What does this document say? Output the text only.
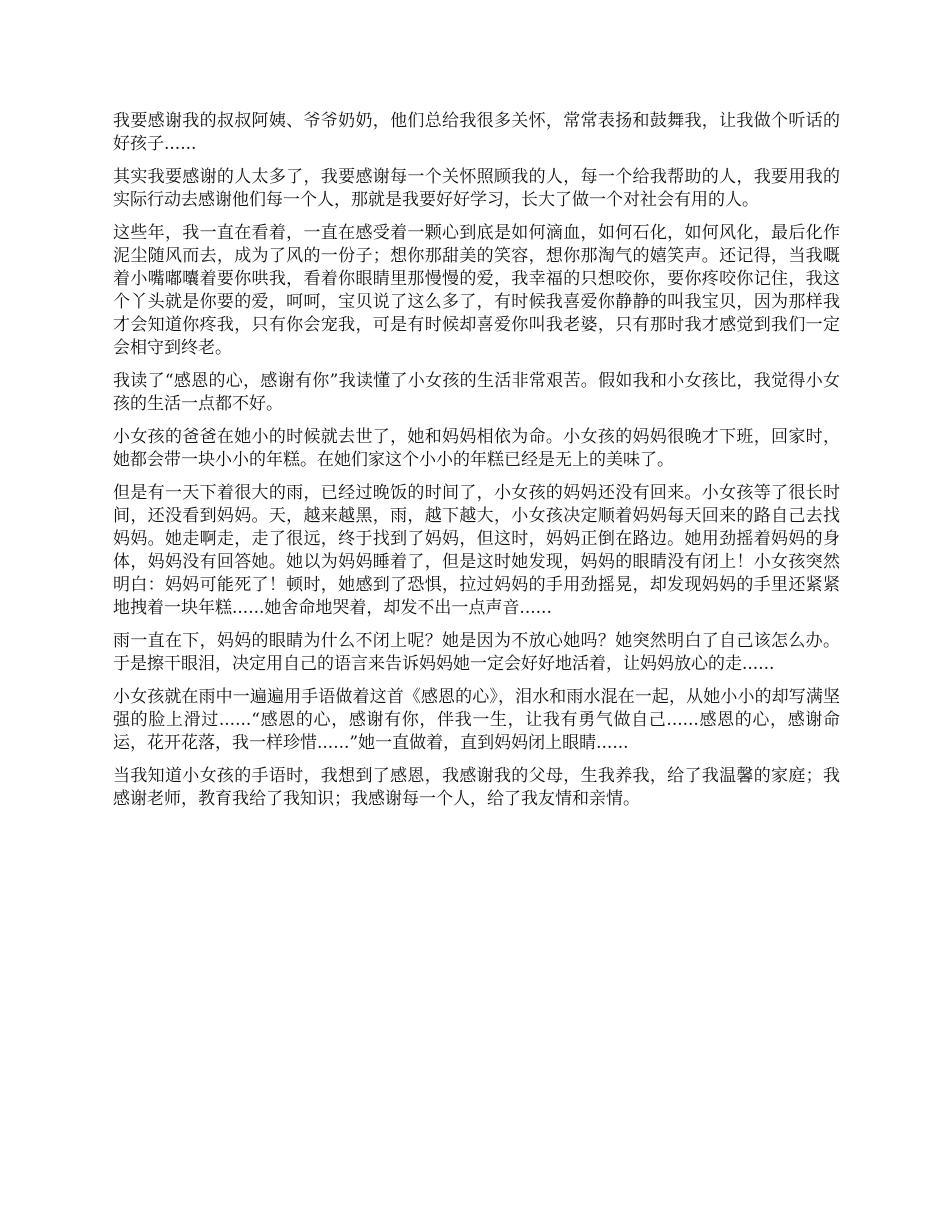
我要感谢我的叔叔阿姨、爷爷奶奶，他们总给我很多关怀，常常表扬和鼓舞我，让我做个听话的好孩子......

其实我要感谢的人太多了，我要感谢每一个关怀照顾我的人，每一个给我帮助的人，我要用我的实际行动去感谢他们每一个人，那就是我要好好学习，长大了做一个对社会有用的人。

这些年，我一直在看着，一直在感受着一颗心到底是如何滴血，如何石化，如何风化，最后化作泥尘随风而去，成为了风的一份子；想你那甜美的笑容，想你那淘气的嬉笑声。还记得，当我嘅着小嘴嘟囔着要你哄我，看着你眼睛里那慢慢的爱，我幸福的只想咬你，要你疼咬你记住，我这个丫头就是你要的爱，呵呵，宝贝说了这么多了，有时候我喜爱你静静的叫我宝贝，因为那样我才会知道你疼我，只有你会宠我，可是有时候却喜爱你叫我老婆，只有那时我才感觉到我们一定会相守到终老。

我读了“感恩的心，感谢有你”我读懂了小女孩的生活非常艰苦。假如我和小女孩比，我觉得小女孩的生活一点都不好。

小女孩的爸爸在她小的时候就去世了，她和妈妈相依为命。小女孩的妈妈很晚才下班，回家时，她都会带一块小小的年糕。在她们家这个小小的年糕已经是无上的美味了。

但是有一天下着很大的雨，已经过晚饭的时间了，小女孩的妈妈还没有回来。小女孩等了很长时间，还没看到妈妈。天，越来越黑，雨，越下越大，小女孩决定顺着妈妈每天回来的路自己去找妈妈。她走啊走，走了很远，终于找到了妈妈，但这时，妈妈正倒在路边。她用劲摇着妈妈的身体，妈妈没有回答她。她以为妈妈睡着了，但是这时她发现，妈妈的眼睛没有闭上！小女孩突然明白：妈妈可能死了！顿时，她感到了恐惧，拉过妈妈的手用劲摇晃，却发现妈妈的手里还紧紧地拽着一块年糕......她舍命地哭着，却发不出一点声音......

雨一直在下，妈妈的眼睛为什么不闭上呢？她是因为不放心她吗？她突然明白了自己该怎么办。于是擦干眼泪，决定用自己的语言来告诉妈妈她一定会好好地活着，让妈妈放心的走......

小女孩就在雨中一遍遍用手语做着这首《感恩的心》，泪水和雨水混在一起，从她小小的却写满坚强的脸上滑过......“感恩的心，感谢有你，伴我一生，让我有勇气做自己......感恩的心，感谢命运，花开花落，我一样珍惜......”她一直做着，直到妈妈闭上眼睛......

当我知道小女孩的手语时，我想到了感恩，我感谢我的父母，生我养我，给了我温馨的家庭；我感谢老师，教育我给了我知识；我感谢每一个人，给了我友情和亲情。
